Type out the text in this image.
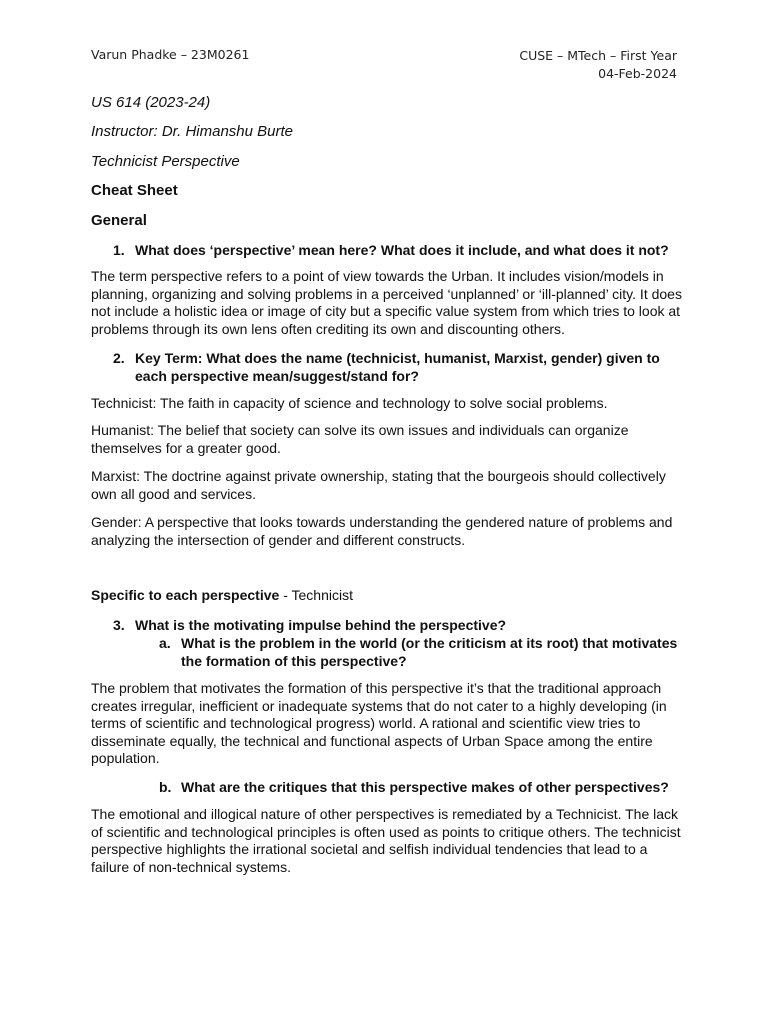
Varun Phadke – 23M0261	CUSE – MTech – First Year
04-Feb-2024
US 614 (2023-24)
Instructor: Dr. Himanshu Burte
Technicist Perspective
Cheat Sheet
General
1. What does ‘perspective’ mean here? What does it include, and what does it not?
The term perspective refers to a point of view towards the Urban. It includes vision/models in
planning, organizing and solving problems in a perceived ‘unplanned’ or ‘ill-planned’ city. It does
not include a holistic idea or image of city but a specific value system from which tries to look at
problems through its own lens often crediting its own and discounting others.
2. Key Term: What does the name (technicist, humanist, Marxist, gender) given to
each perspective mean/suggest/stand for?
Technicist: The faith in capacity of science and technology to solve social problems.
Humanist: The belief that society can solve its own issues and individuals can organize
themselves for a greater good.
Marxist: The doctrine against private ownership, stating that the bourgeois should collectively
own all good and services.
Gender: A perspective that looks towards understanding the gendered nature of problems and
analyzing the intersection of gender and different constructs.
Specific to each perspective - Technicist
3. What is the motivating impulse behind the perspective?
a. What is the problem in the world (or the criticism at its root) that motivates
the formation of this perspective?
The problem that motivates the formation of this perspective it’s that the traditional approach
creates irregular, inefficient or inadequate systems that do not cater to a highly developing (in
terms of scientific and technological progress) world. A rational and scientific view tries to
disseminate equally, the technical and functional aspects of Urban Space among the entire
population.
b. What are the critiques that this perspective makes of other perspectives?
The emotional and illogical nature of other perspectives is remediated by a Technicist. The lack
of scientific and technological principles is often used as points to critique others. The technicist
perspective highlights the irrational societal and selfish individual tendencies that lead to a
failure of non-technical systems.
